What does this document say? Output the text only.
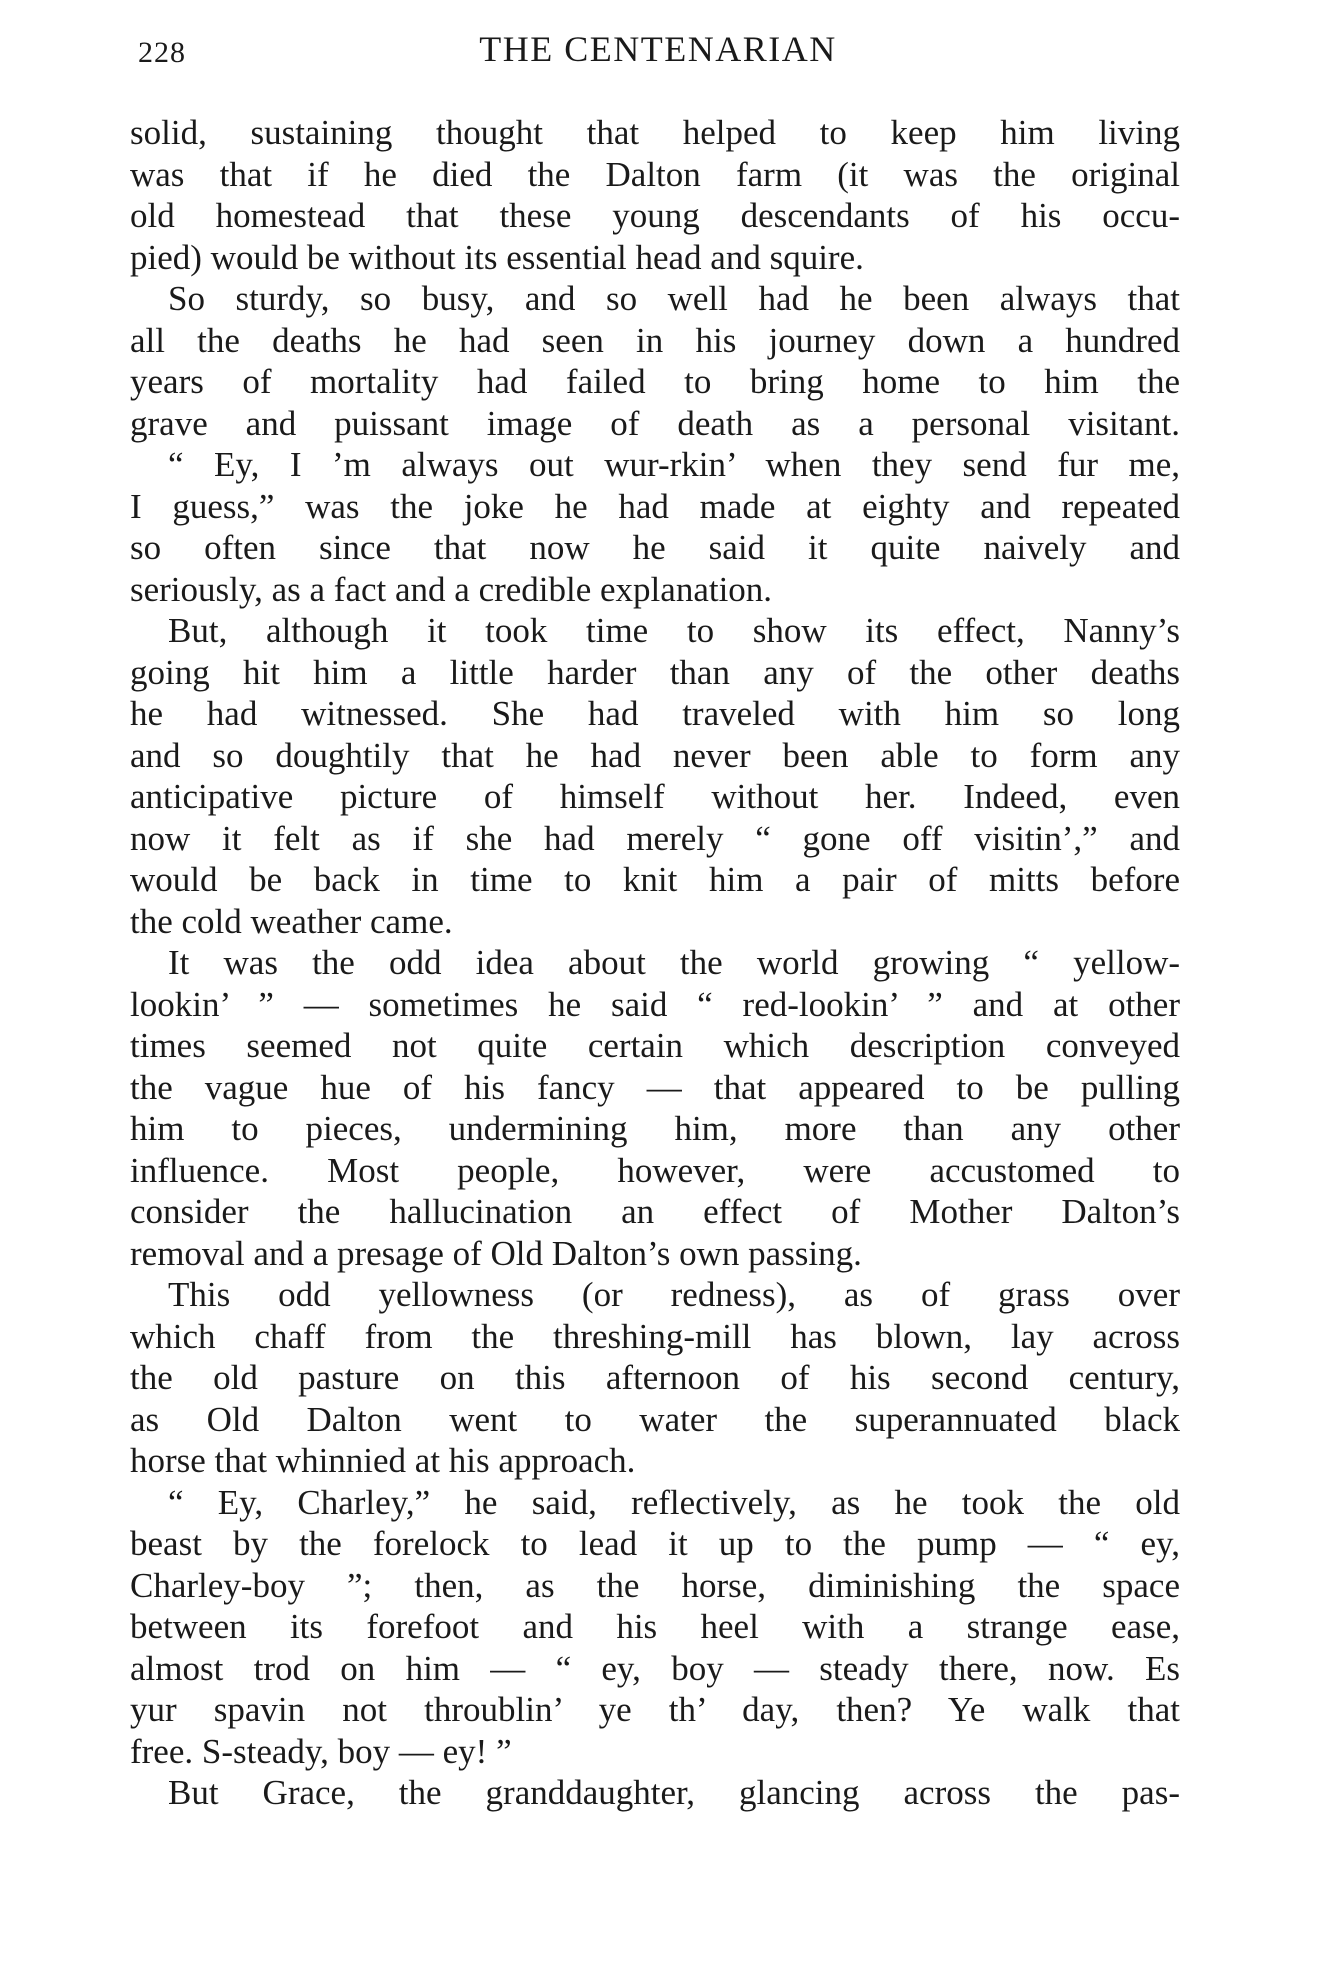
228	THE CENTENARIAN
solid, sustaining thought that helped to keep him living
was that if he died the Dalton farm (it was the original
old homestead that these young descendants of his occu-
pied) would be without its essential head and squire.
So sturdy, so busy, and so well had he been always that
all the deaths he had seen in his journey down a hundred
years of mortality had failed to bring home to him the
grave and puissant image of death as a personal visitant.
“ Ey, I ’m always out wur-rkin’ when they send fur me,
I guess,” was the joke he had made at eighty and repeated
so often since that now he said it quite naively and
seriously, as a fact and a credible explanation.
But, although it took time to show its effect, Nanny’s
going hit him a little harder than any of the other deaths
he had witnessed. She had traveled with him so long
and so doughtily that he had never been able to form any
anticipative picture of himself without her. Indeed, even
now it felt as if she had merely “ gone off visitin’,” and
would be back in time to knit him a pair of mitts before
the cold weather came.
It was the odd idea about the world growing “ yellow-
lookin’ ” — sometimes he said “ red-lookin’ ” and at other
times seemed not quite certain which description conveyed
the vague hue of his fancy — that appeared to be pulling
him to pieces, undermining him, more than any other
influence. Most people, however, were accustomed to
consider the hallucination an effect of Mother Dalton’s
removal and a presage of Old Dalton’s own passing.
This odd yellowness (or redness), as of grass over
which chaff from the threshing-mill has blown, lay across
the old pasture on this afternoon of his second century,
as Old Dalton went to water the superannuated black
horse that whinnied at his approach.
“ Ey, Charley,” he said, reflectively, as he took the old
beast by the forelock to lead it up to the pump — “ ey,
Charley-boy ”; then, as the horse, diminishing the space
between its forefoot and his heel with a strange ease,
almost trod on him — “ ey, boy — steady there, now. Es
yur spavin not throublin’ ye th’ day, then? Ye walk that
free. S-steady, boy — ey! ”
But Grace, the granddaughter, glancing across the pas-
